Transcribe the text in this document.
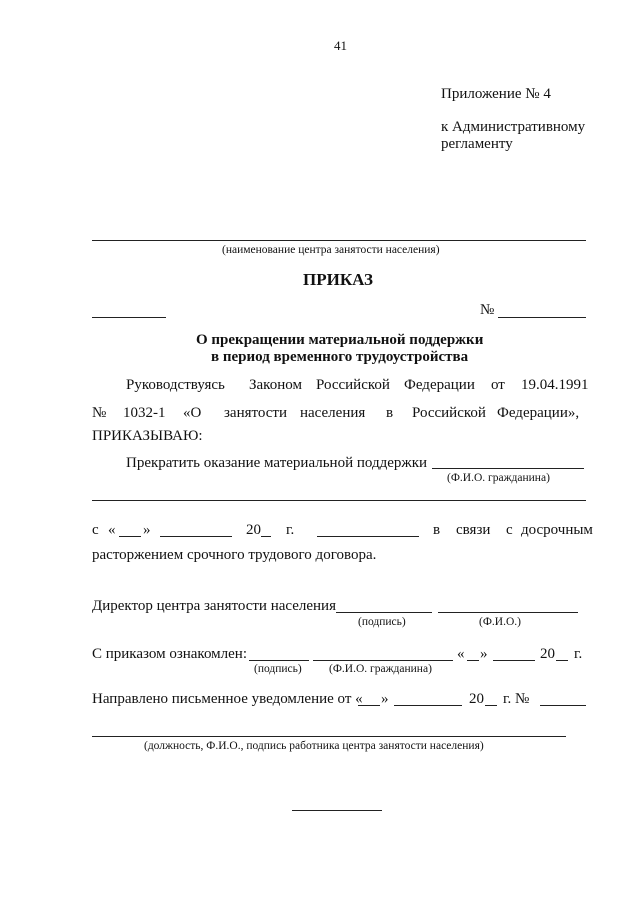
41
Приложение № 4
к Административному
регламенту
(наименование центра занятости населения)
ПРИКАЗ
№
О прекращении материальной поддержки
в период временного трудоустройства
Руководствуясь Законом Российской Федерации от 19.04.1991
№ 1032-1 «О занятости населения в Российской Федерации»,
ПРИКАЗЫВАЮ:
Прекратить оказание материальной поддержки
(Ф.И.О. гражданина)
с « »	20 г.	в связи с досрочным
расторжением срочного трудового договора.
Директор центра занятости населения
(подпись)	(Ф.И.О.)
С приказом ознакомлен:	« »	20 г.
(подпись) (Ф.И.О. гражданина)
Направлено письменное уведомление от « »	20 г. №
(должность, Ф.И.О., подпись работника центра занятости населения)
